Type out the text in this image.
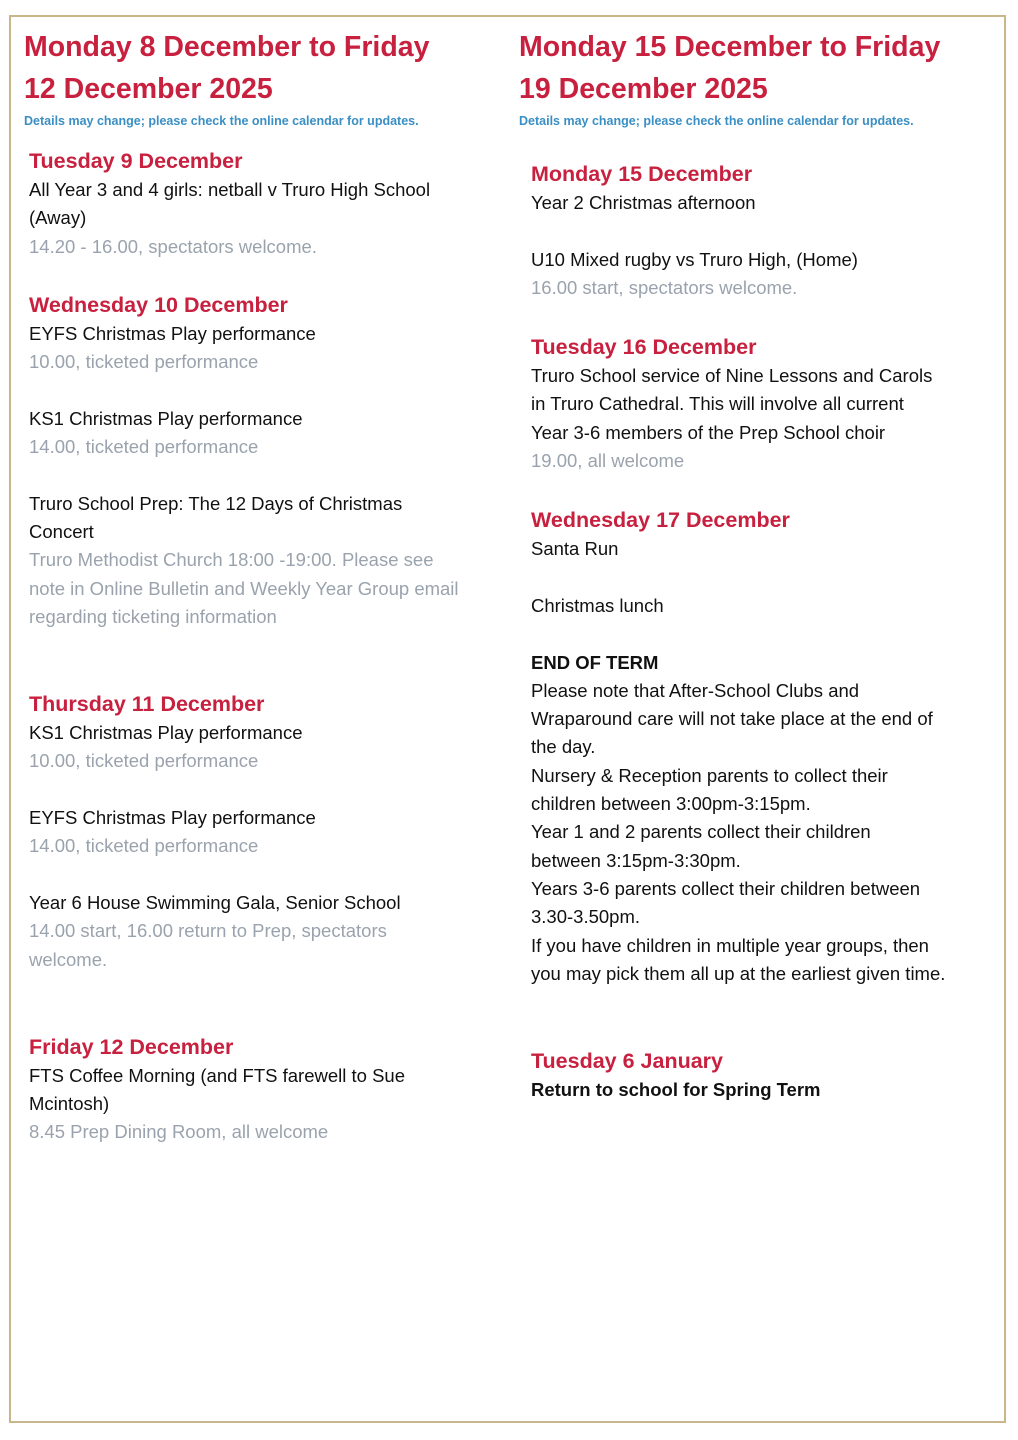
Monday 8 December to Friday
12 December 2025

Details may change; please check the online calendar for updates.

Tuesday 9 December

All Year 3 and 4 girls: netball v Truro High School
(Away)

14.20 - 16.00, spectators welcome.

Wednesday 10 December

EYFS Christmas Play performance

10.00, ticketed performance

KS1 Christmas Play performance

14.00, ticketed performance

Truro School Prep: The 12 Days of Christmas
Concert

Truro Methodist Church 18:00 -19:00. Please see
note in Online Bulletin and Weekly Year Group email
regarding ticketing information

Thursday 11 December

KS1 Christmas Play performance

10.00, ticketed performance

EYFS Christmas Play performance

14.00, ticketed performance

Year 6 House Swimming Gala, Senior School

14.00 start, 16.00 return to Prep, spectators
welcome.

Friday 12 December

FTS Coffee Morning (and FTS farewell to Sue
Mcintosh)

8.45 Prep Dining Room, all welcome

Monday 15 December to Friday
19 December 2025

Details may change; please check the online calendar for updates.

Monday 15 December

Year 2 Christmas afternoon

U10 Mixed rugby vs Truro High, (Home)

16.00 start, spectators welcome.

Tuesday 16 December

Truro School service of Nine Lessons and Carols
in Truro Cathedral. This will involve all current
Year 3-6 members of the Prep School choir

19.00, all welcome

Wednesday 17 December

Santa Run

Christmas lunch

END OF TERM

Please note that After-School Clubs and
Wraparound care will not take place at the end of
the day.
Nursery & Reception parents to collect their
children between 3:00pm-3:15pm.
Year 1 and 2 parents collect their children
between 3:15pm-3:30pm.
Years 3-6 parents collect their children between
3.30-3.50pm.
If you have children in multiple year groups, then
you may pick them all up at the earliest given time.

Tuesday 6 January

Return to school for Spring Term
